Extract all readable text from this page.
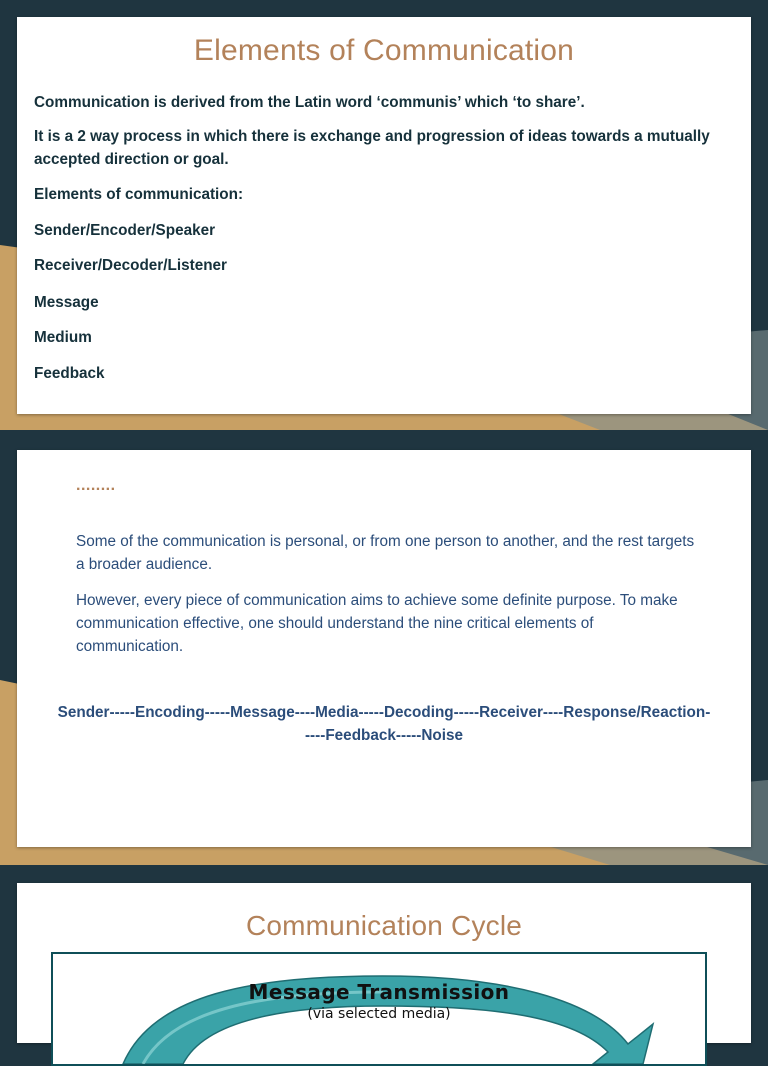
Elements of Communication
Communication is derived from the Latin word ‘communis’ which ‘to share’.
It is a 2 way process in which there is exchange and progression of ideas towards a mutually accepted direction or goal.
Elements of communication:
Sender/Encoder/Speaker
Receiver/Decoder/Listener
Message
Medium
Feedback
........
Some of the communication is personal, or from one person to another, and the rest targets a broader audience.
However, every piece of communication aims to achieve some definite purpose. To make communication effective, one should understand the nine critical elements of communication.
Sender-----Encoding-----Message----Media-----Decoding-----Receiver----Response/Reaction-----Feedback-----Noise
Communication Cycle
Message Transmission
(via selected media)
